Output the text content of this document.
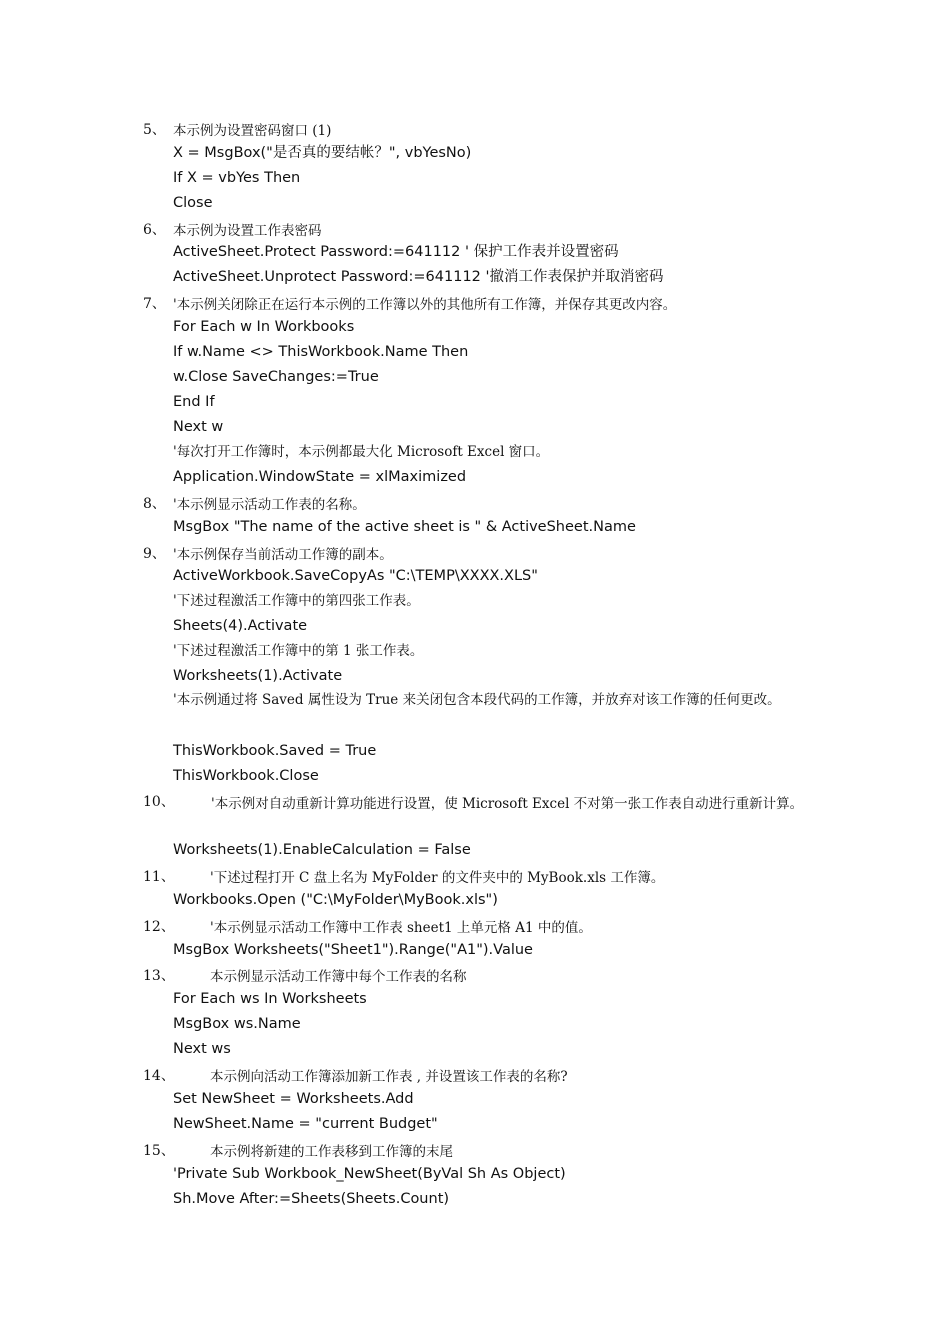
5、 本示例为设置密码窗口 (1)
X = MsgBox("是否真的要结帐？", vbYesNo)
If X = vbYes Then
Close
6、 本示例为设置工作表密码
ActiveSheet.Protect Password:=641112 ' 保护工作表并设置密码
ActiveSheet.Unprotect Password:=641112 '撤消工作表保护并取消密码
7、 '本示例关闭除正在运行本示例的工作簿以外的其他所有工作簿，并保存其更改内容。
For Each w In Workbooks
If w.Name <> ThisWorkbook.Name Then
w.Close SaveChanges:=True
End If
Next w
'每次打开工作簿时，本示例都最大化 Microsoft Excel 窗口。
Application.WindowState = xlMaximized
8、 '本示例显示活动工作表的名称。
MsgBox "The name of the active sheet is " & ActiveSheet.Name
9、 '本示例保存当前活动工作簿的副本。
ActiveWorkbook.SaveCopyAs "C:\TEMP\XXXX.XLS"
'下述过程激活工作簿中的第四张工作表。
Sheets(4).Activate
'下述过程激活工作簿中的第 1 张工作表。
Worksheets(1).Activate
'本示例通过将 Saved 属性设为 True 来关闭包含本段代码的工作簿，并放弃对该工作簿的任何更改。
ThisWorkbook.Saved = True
ThisWorkbook.Close
10、	'本示例对自动重新计算功能进行设置，使 Microsoft Excel 不对第一张工作表自动进行重新计算。
Worksheets(1).EnableCalculation = False
11、	'下述过程打开 C 盘上名为 MyFolder 的文件夹中的 MyBook.xls 工作簿。
Workbooks.Open ("C:\MyFolder\MyBook.xls")
12、	'本示例显示活动工作簿中工作表 sheet1 上单元格 A1 中的值。
MsgBox Worksheets("Sheet1").Range("A1").Value
13、	本示例显示活动工作簿中每个工作表的名称
For Each ws In Worksheets
MsgBox ws.Name
Next ws
14、	本示例向活动工作簿添加新工作表 , 并设置该工作表的名称?
Set NewSheet = Worksheets.Add
NewSheet.Name = "current Budget"
15、	本示例将新建的工作表移到工作簿的末尾
'Private Sub Workbook_NewSheet(ByVal Sh As Object)
Sh.Move After:=Sheets(Sheets.Count)
